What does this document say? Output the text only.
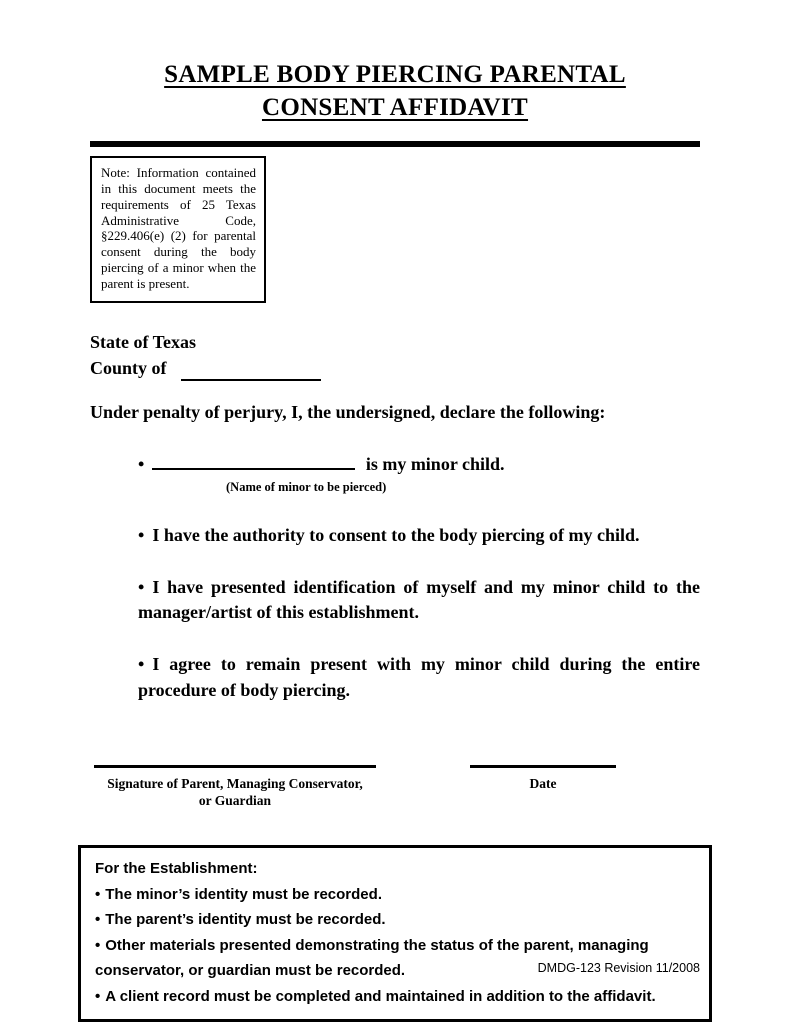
SAMPLE BODY PIERCING PARENTAL
CONSENT AFFIDAVIT
Note: Information contained in this document meets the requirements of 25 Texas Administrative Code, §229.406(e) (2) for parental consent during the body piercing of a minor when the parent is present.
State of Texas
County of
Under penalty of perjury, I, the undersigned, declare the following:
•	is my minor child.
(Name of minor to be pierced)
• I have the authority to consent to the body piercing of my child.
• I have presented identification of myself and my minor child to the manager/artist of this establishment.
• I agree to remain present with my minor child during the entire procedure of body piercing.
Signature of Parent, Managing Conservator,
or Guardian
Date
For the Establishment:
• The minor’s identity must be recorded.
• The parent’s identity must be recorded.
• Other materials presented demonstrating the status of the parent, managing conservator, or guardian must be recorded.
• A client record must be completed and maintained in addition to the affidavit.
DMDG-123 Revision 11/2008
